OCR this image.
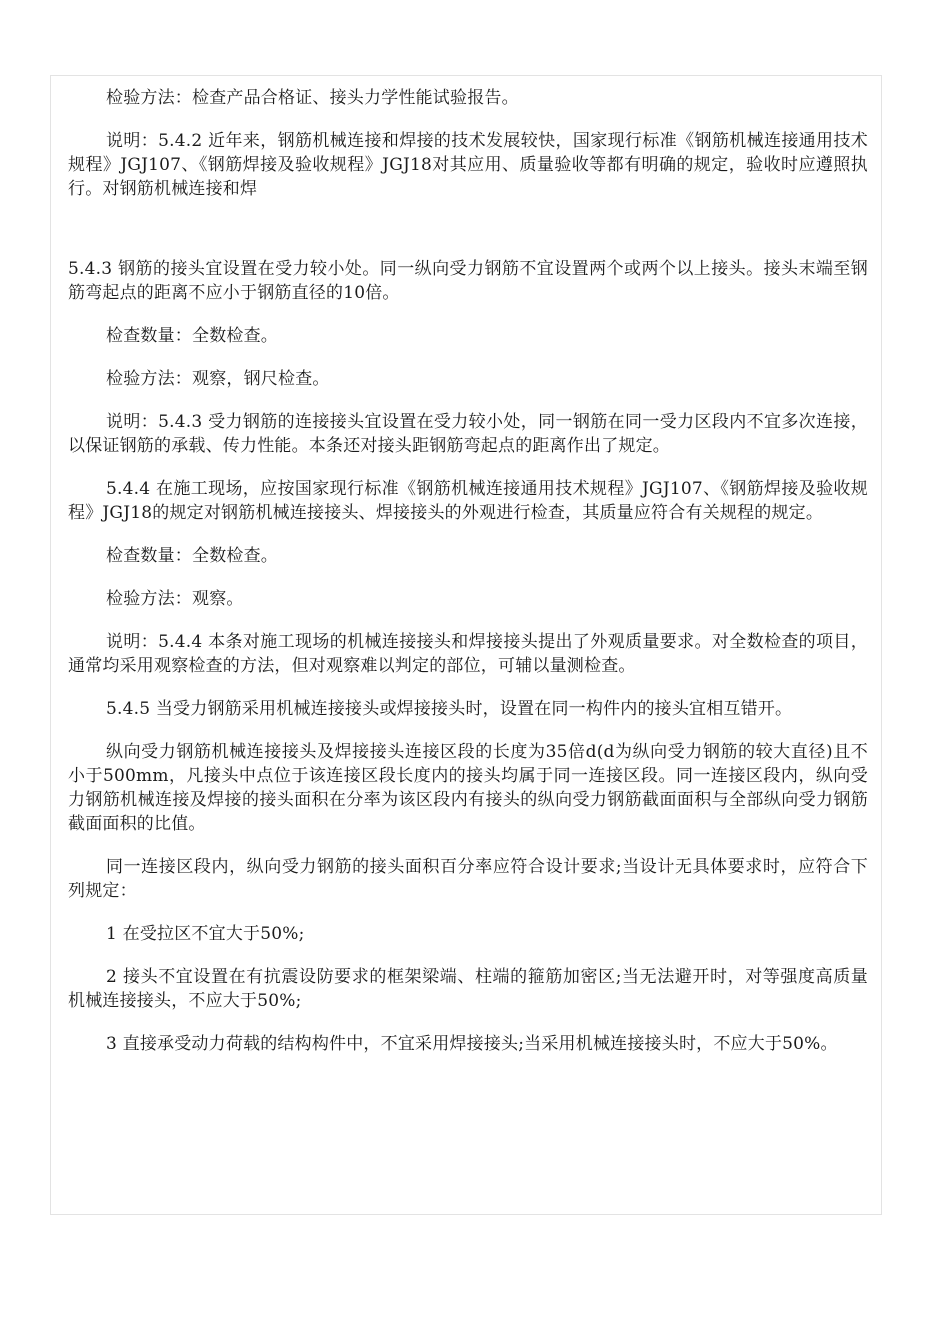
检验方法：检查产品合格证、接头力学性能试验报告。

说明：5.4.2 近年来，钢筋机械连接和焊接的技术发展较快，国家现行标准《钢筋机械连接通用技术规程》JGJ107、《钢筋焊接及验收规程》JGJ18对其应用、质量验收等都有明确的规定，验收时应遵照执行。对钢筋机械连接和焊

5.4.3 钢筋的接头宜设置在受力较小处。同一纵向受力钢筋不宜设置两个或两个以上接头。接头末端至钢筋弯起点的距离不应小于钢筋直径的10倍。

检查数量：全数检查。

检验方法：观察，钢尺检查。

说明：5.4.3 受力钢筋的连接接头宜设置在受力较小处，同一钢筋在同一受力区段内不宜多次连接，以保证钢筋的承载、传力性能。本条还对接头距钢筋弯起点的距离作出了规定。

5.4.4 在施工现场，应按国家现行标准《钢筋机械连接通用技术规程》JGJ107、《钢筋焊接及验收规程》JGJ18的规定对钢筋机械连接接头、焊接接头的外观进行检查，其质量应符合有关规程的规定。

检查数量：全数检查。

检验方法：观察。

说明：5.4.4 本条对施工现场的机械连接接头和焊接接头提出了外观质量要求。对全数检查的项目，通常均采用观察检查的方法，但对观察难以判定的部位，可辅以量测检查。

5.4.5 当受力钢筋采用机械连接接头或焊接接头时，设置在同一构件内的接头宜相互错开。

纵向受力钢筋机械连接接头及焊接接头连接区段的长度为35倍d(d为纵向受力钢筋的较大直径)且不小于500mm，凡接头中点位于该连接区段长度内的接头均属于同一连接区段。同一连接区段内，纵向受力钢筋机械连接及焊接的接头面积在分率为该区段内有接头的纵向受力钢筋截面面积与全部纵向受力钢筋截面面积的比值。

同一连接区段内，纵向受力钢筋的接头面积百分率应符合设计要求;当设计无具体要求时，应符合下列规定：

1 在受拉区不宜大于50%;

2 接头不宜设置在有抗震设防要求的框架梁端、柱端的箍筋加密区;当无法避开时，对等强度高质量机械连接接头，不应大于50%;

3 直接承受动力荷载的结构构件中，不宜采用焊接接头;当采用机械连接接头时，不应大于50%。
